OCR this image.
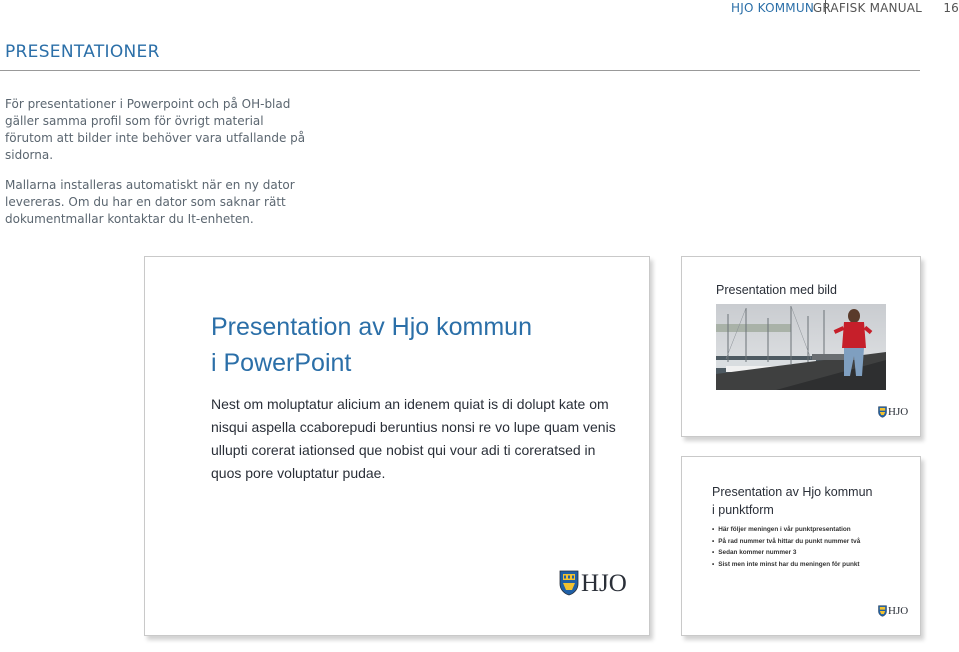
HJO KOMMUN
GRAFISK MANUAL 16
PRESENTATIONER

För presentationer i Powerpoint och på OH-blad gäller samma profil som för övrigt material förutom att bilder inte behöver vara utfallande på sidorna.

Mallarna installeras automatiskt när en ny dator levereras. Om du har en dator som saknar rätt dokumentmallar kontaktar du It-enheten.

Presentation av Hjo kommun
i PowerPoint
Nest om moluptatur alicium an idenem quiat is di dolupt kate om nisqui aspella ccaborepudi beruntius nonsi re vo lupe quam venis ullupti corerat iationsed que nobist qui vour adi ti coreratsed in quos pore voluptatur pudae.
HJO
Presentation med bild
HJO
Presentation av Hjo kommun
i punktform
• Här följer meningen i vår punktpresentation
• På rad nummer två hittar du punkt nummer två
• Sedan kommer nummer 3
• Sist men inte minst har du meningen för punkt
HJO
